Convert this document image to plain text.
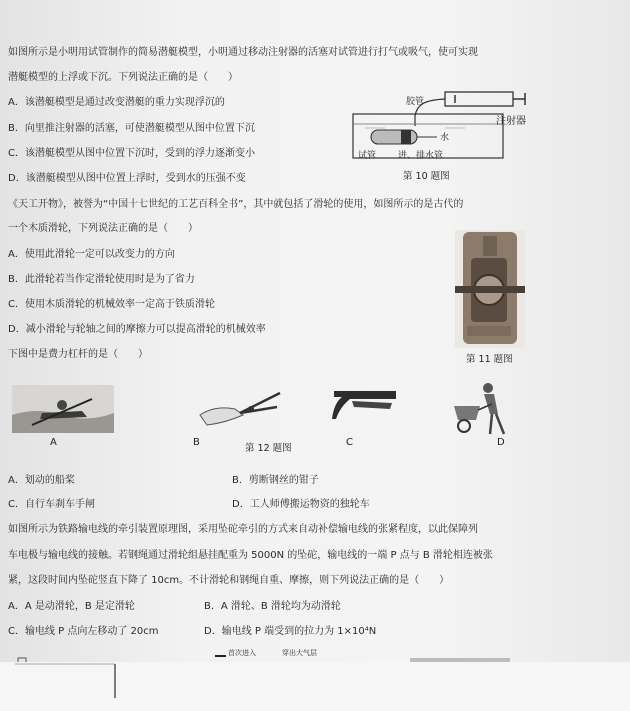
如图所示是小明用试管制作的简易潜艇模型，小明通过移动注射器的活塞对试管进行打气或吸气，使可实现
潜艇模型的上浮或下沉。下列说法正确的是（　　）
A．该潜艇模型是通过改变潜艇的重力实现浮沉的
B．向里推注射器的活塞，可使潜艇模型从图中位置下沉
C．该潜艇模型从图中位置下沉时，受到的浮力逐渐变小
D．该潜艇模型从图中位置上浮时，受到水的压强不变
胶管
注射器
水
试管 进、排水管
第 10 题图
《天工开物》，被誉为“中国十七世纪的工艺百科全书”，其中就包括了滑轮的使用，如图所示的是古代的
一个木质滑轮，下列说法正确的是（　　）
A．使用此滑轮一定可以改变力的方向
B．此滑轮若当作定滑轮使用时是为了省力
C．使用木质滑轮的机械效率一定高于铁质滑轮
D．减小滑轮与轮轴之间的摩擦力可以提高滑轮的机械效率
第 11 题图
下图中是费力杠杆的是（　　）
A	B
第 12 题图
C	D
A．划动的船桨	B．剪断钢丝的钳子
C．自行车刹车手闸	D．工人师傅搬运物资的独轮车
如图所示为铁路输电线的牵引装置原理图，采用坠砣牵引的方式来自动补偿输电线的张紧程度，以此保障列
车电极与输电线的接触。若钢绳通过滑轮组悬挂配重为 5000N 的坠砣，输电线的一端 P 点与 B 滑轮相连被张
紧，这段时间内坠砣竖直下降了 10cm。不计滑轮和钢绳自重、摩擦，则下列说法正确的是（　　）
A．A 是动滑轮，B 是定滑轮	B．A 滑轮、B 滑轮均为动滑轮
C．输电线 P 点向左移动了 20cm	D．输电线 P 端受到的拉力为 1×10⁴N
首次进入	穿出大气层
